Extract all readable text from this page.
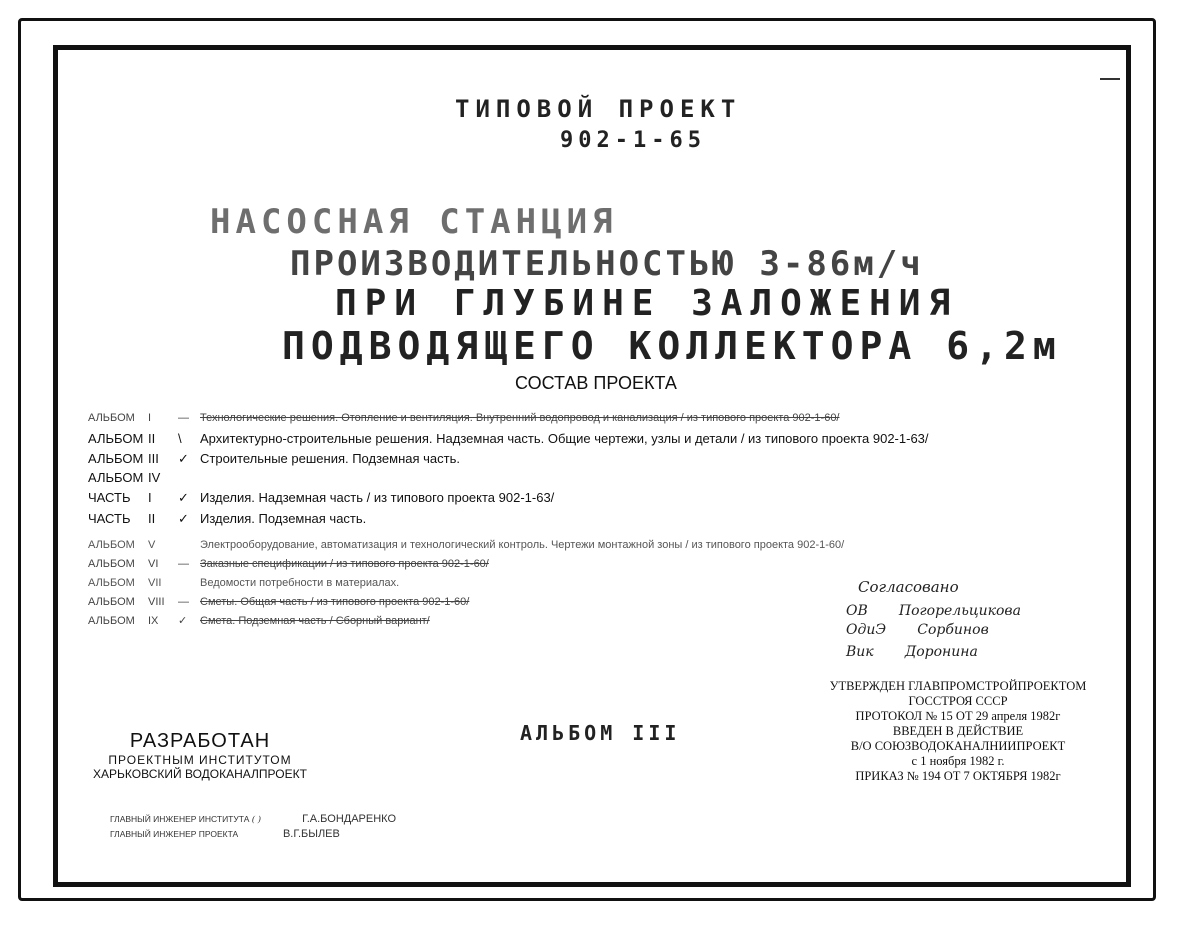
ТИПОВОЙ ПРОЕКТ
902-1-65
НАСОСНАЯ СТАНЦИЯ
ПРОИЗВОДИТЕЛЬНОСТЬЮ 3-86м/ч
ПРИ ГЛУБИНЕ ЗАЛОЖЕНИЯ
ПОДВОДЯЩЕГО КОЛЛЕКТОРА 6,2м
СОСТАВ ПРОЕКТА
АЛЬБОМ I — Технологические решения. Отопление и вентиляция. Внутренний водопровод и канализация / из типового проекта 902-1-60/
АЛЬБОМ II \ Архитектурно-строительные решения. Надземная часть. Общие чертежи, узлы и детали / из типового проекта 902-1-63/
АЛЬБОМ III ✓ Строительные решения. Подземная часть.
АЛЬБОМ IV
ЧАСТЬ I ✓ Изделия. Надземная часть / из типового проекта 902-1-63/
ЧАСТЬ II ✓ Изделия. Подземная часть.
АЛЬБОМ V	Электрооборудование, автоматизация и технологический контроль. Чертежи монтажной зоны / из типового проекта 902-1-60/
АЛЬБОМ VI — Заказные спецификации / из типового проекта 902-1-60/
АЛЬБОМ VII	Ведомости потребности в материалах.
АЛЬБОМ VIII — Сметы. Общая часть / из типового проекта 902-1-60/
АЛЬБОМ IX ✓ Смета. Подземная часть / Сборный вариант/
Согласовано
ОВ Погорельцикова
ОдиЭ Сорбинов
Вик Доронина
УТВЕРЖДЕН ГЛАВПРОМСТРОЙПРОЕКТОМ
ГОССТРОЯ СССР
ПРОТОКОЛ № 15 ОТ 29 апреля 1982г
ВВЕДЕН В ДЕЙСТВИЕ
В/О СОЮЗВОДОКАНАЛНИИПРОЕКТ
с 1 ноября 1982 г.
ПРИКАЗ № 194 ОТ 7 ОКТЯБРЯ 1982г
АЛЬБОМ III
РАЗРАБОТАН
ПРОЕКТНЫМ ИНСТИТУТОМ
ХАРЬКОВСКИЙ ВОДОКАНАЛПРОЕКТ
ГЛАВНЫЙ ИНЖЕНЕР ИНСТИТУТА ( )	Г.А.БОНДАРЕНКО
ГЛАВНЫЙ ИНЖЕНЕР ПРОЕКТА	В.Г.БЫЛЕВ
